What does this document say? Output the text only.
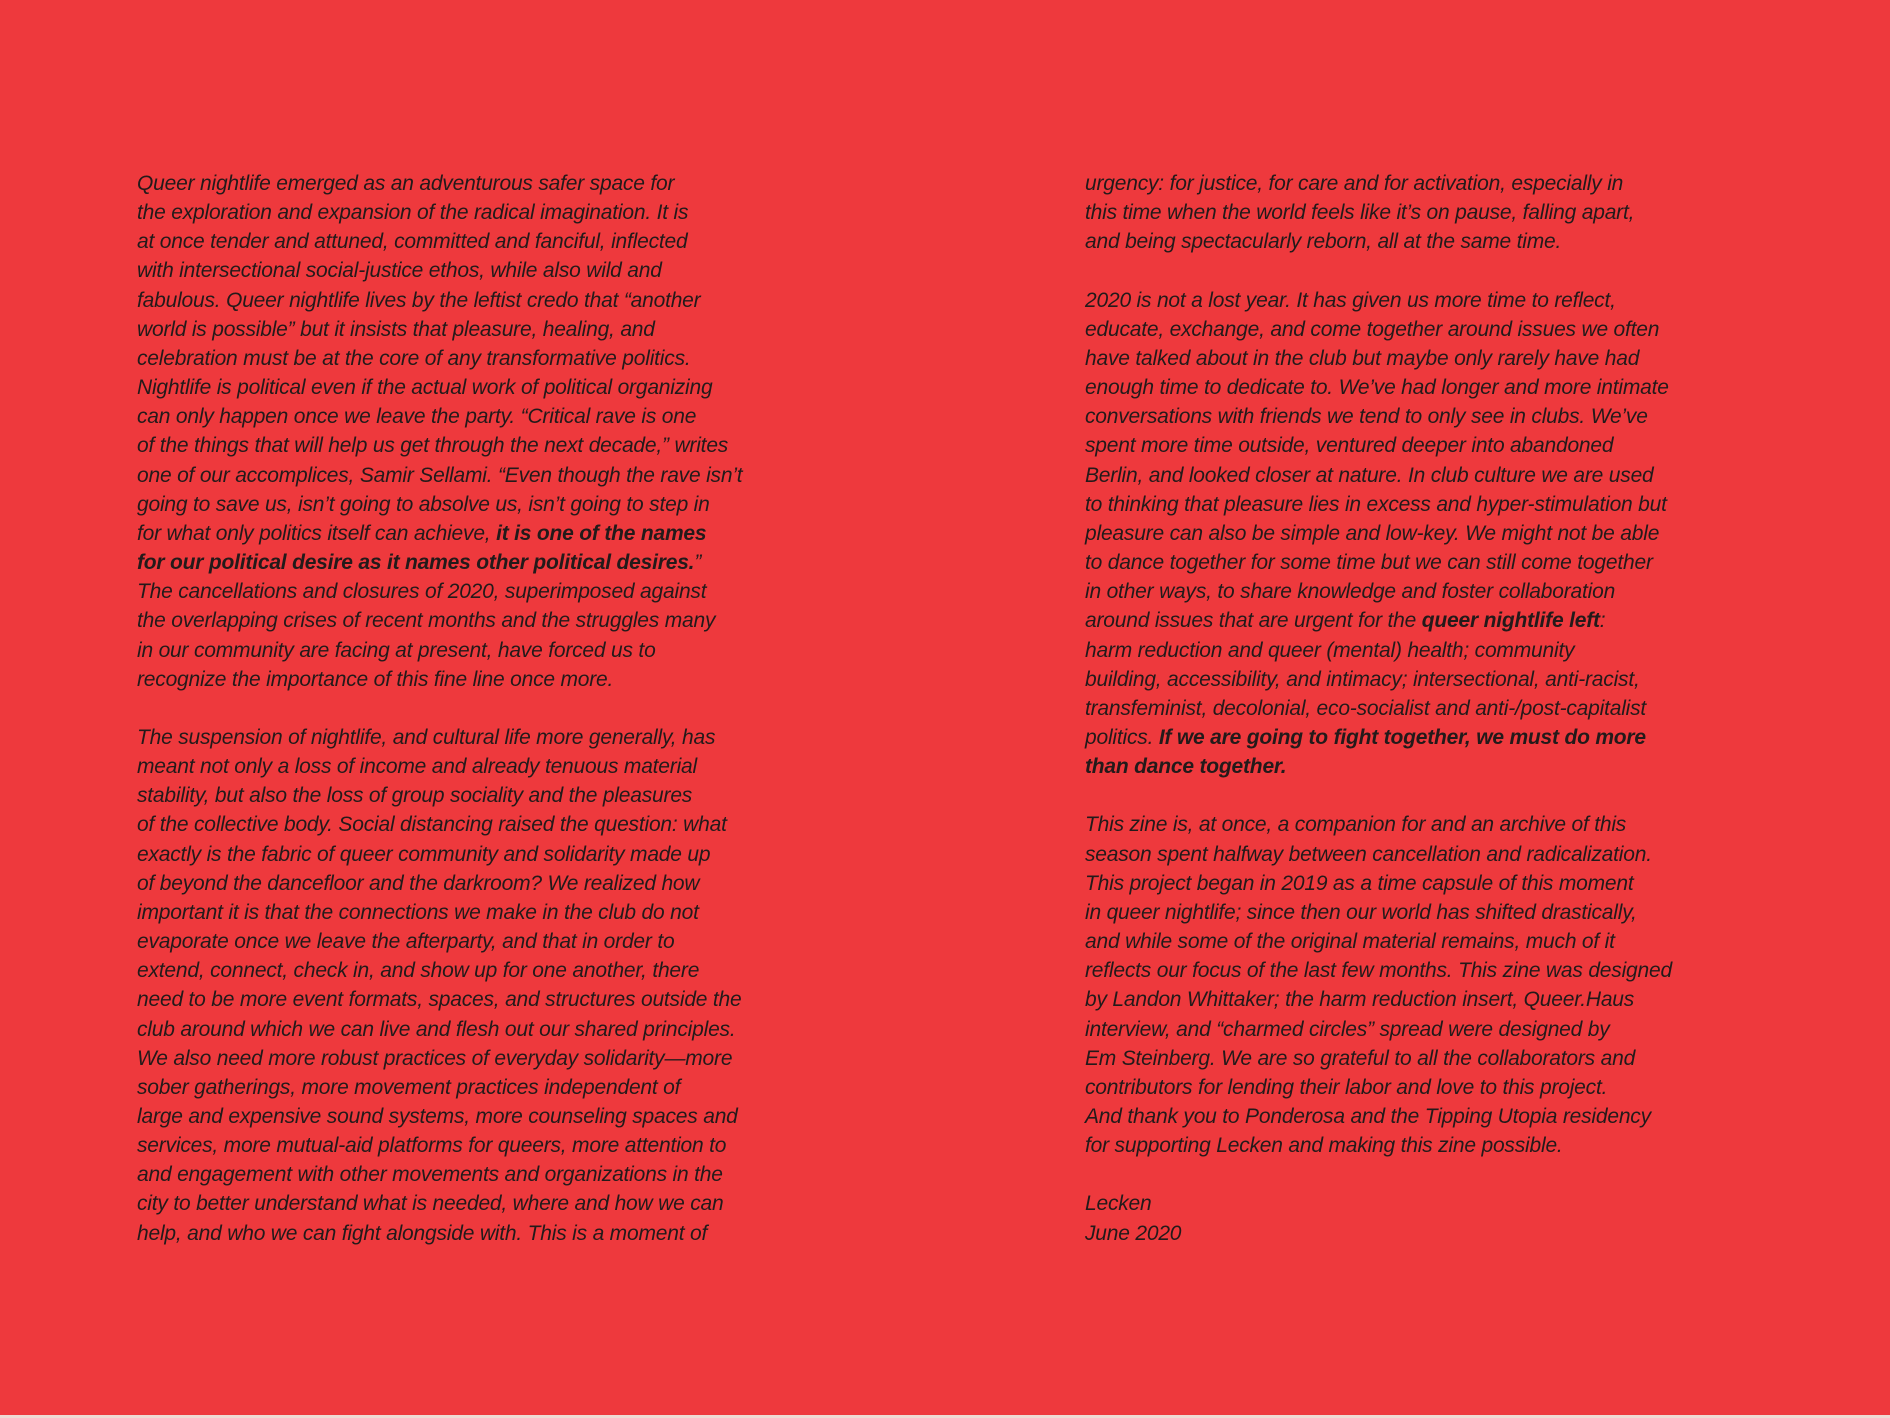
Queer nightlife emerged as an adventurous safer space for
the exploration and expansion of the radical imagination. It is
at once tender and attuned, committed and fanciful, inflected
with intersectional social-justice ethos, while also wild and
fabulous. Queer nightlife lives by the leftist credo that “another
world is possible” but it insists that pleasure, healing, and
celebration must be at the core of any transformative politics.
Nightlife is political even if the actual work of political organizing
can only happen once we leave the party. “Critical rave is one
of the things that will help us get through the next decade,” writes
one of our accomplices, Samir Sellami. “Even though the rave isn’t
going to save us, isn’t going to absolve us, isn’t going to step in
for what only politics itself can achieve, it is one of the names
for our political desire as it names other political desires.”
The cancellations and closures of 2020, superimposed against
the overlapping crises of recent months and the struggles many
in our community are facing at present, have forced us to
recognize the importance of this fine line once more.
The suspension of nightlife, and cultural life more generally, has
meant not only a loss of income and already tenuous material
stability, but also the loss of group sociality and the pleasures
of the collective body. Social distancing raised the question: what
exactly is the fabric of queer community and solidarity made up
of beyond the dancefloor and the darkroom? We realized how
important it is that the connections we make in the club do not
evaporate once we leave the afterparty, and that in order to
extend, connect, check in, and show up for one another, there
need to be more event formats, spaces, and structures outside the
club around which we can live and flesh out our shared principles.
We also need more robust practices of everyday solidarity—more
sober gatherings, more movement practices independent of
large and expensive sound systems, more counseling spaces and
services, more mutual-aid platforms for queers, more attention to
and engagement with other movements and organizations in the
city to better understand what is needed, where and how we can
help, and who we can fight alongside with. This is a moment of
urgency: for justice, for care and for activation, especially in
this time when the world feels like it’s on pause, falling apart,
and being spectacularly reborn, all at the same time.
2020 is not a lost year. It has given us more time to reflect,
educate, exchange, and come together around issues we often
have talked about in the club but maybe only rarely have had
enough time to dedicate to. We’ve had longer and more intimate
conversations with friends we tend to only see in clubs. We’ve
spent more time outside, ventured deeper into abandoned
Berlin, and looked closer at nature. In club culture we are used
to thinking that pleasure lies in excess and hyper-stimulation but
pleasure can also be simple and low-key. We might not be able
to dance together for some time but we can still come together
in other ways, to share knowledge and foster collaboration
around issues that are urgent for the queer nightlife left:
harm reduction and queer (mental) health; community
building, accessibility, and intimacy; intersectional, anti-racist,
transfeminist, decolonial, eco-socialist and anti-/post-capitalist
politics. If we are going to fight together, we must do more
than dance together.
This zine is, at once, a companion for and an archive of this
season spent halfway between cancellation and radicalization.
This project began in 2019 as a time capsule of this moment
in queer nightlife; since then our world has shifted drastically,
and while some of the original material remains, much of it
reflects our focus of the last few months. This zine was designed
by Landon Whittaker; the harm reduction insert, Queer.Haus
interview, and “charmed circles” spread were designed by
Em Steinberg. We are so grateful to all the collaborators and
contributors for lending their labor and love to this project.
And thank you to Ponderosa and the Tipping Utopia residency
for supporting Lecken and making this zine possible.
Lecken
June 2020
